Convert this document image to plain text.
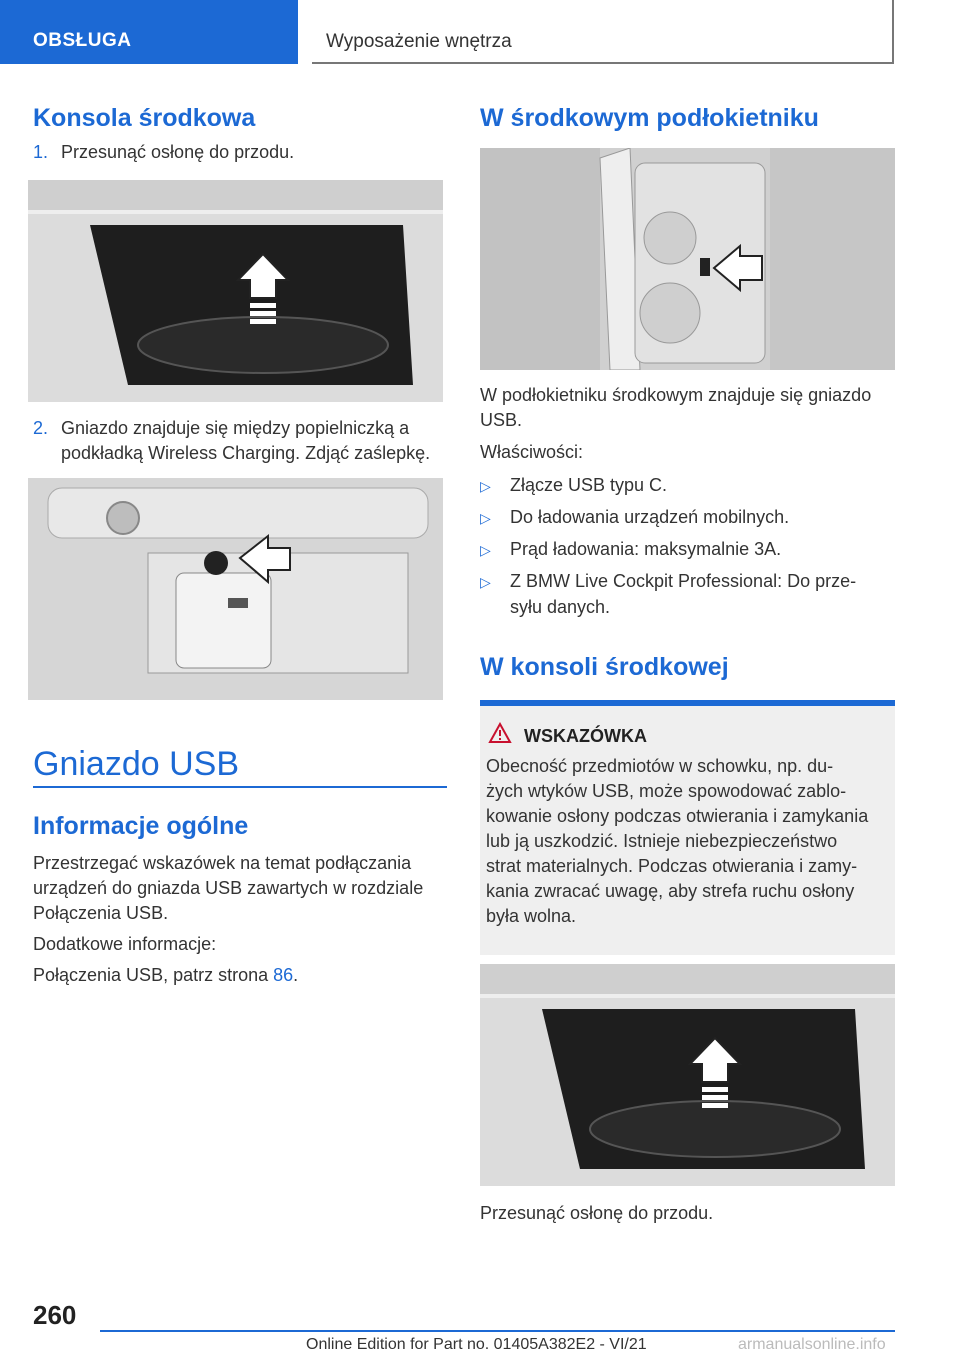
OBSŁUGA	Wyposażenie wnętrza
Konsola środkowa

1. Przesunąć osłonę do przodu.

2. Gniazdo znajduje się między popielniczką a
podkładką Wireless Charging. Zdjąć zaślepkę.

Gniazdo USB
Informacje ogólne

Przestrzegać wskazówek na temat podłączania
urządzeń do gniazda USB zawartych w rozdziale
Połączenia USB.

Dodatkowe informacje:

Połączenia USB, patrz strona 86.

W środkowym podłokietniku

W podłokietniku środkowym znajduje się gniazdo
USB.

Właściwości:

▷ Złącze USB typu C.

▷ Do ładowania urządzeń mobilnych.

▷ Prąd ładowania: maksymalnie 3A.

▷ Z BMW Live Cockpit Professional: Do prze-
syłu danych.

W konsoli środkowej
WSKAZÓWKA

Obecność przedmiotów w schowku, np. du-
żych wtyków USB, może spowodować zablo-
kowanie osłony podczas otwierania i zamykania
lub ją uszkodzić. Istnieje niebezpieczeństwo
strat materialnych. Podczas otwierania i zamy-
kania zwracać uwagę, aby strefa ruchu osłony
była wolna.

Przesunąć osłonę do przodu.

260
Online Edition for Part no. 01405A382E2 - VI/21	armanualsonline.info
